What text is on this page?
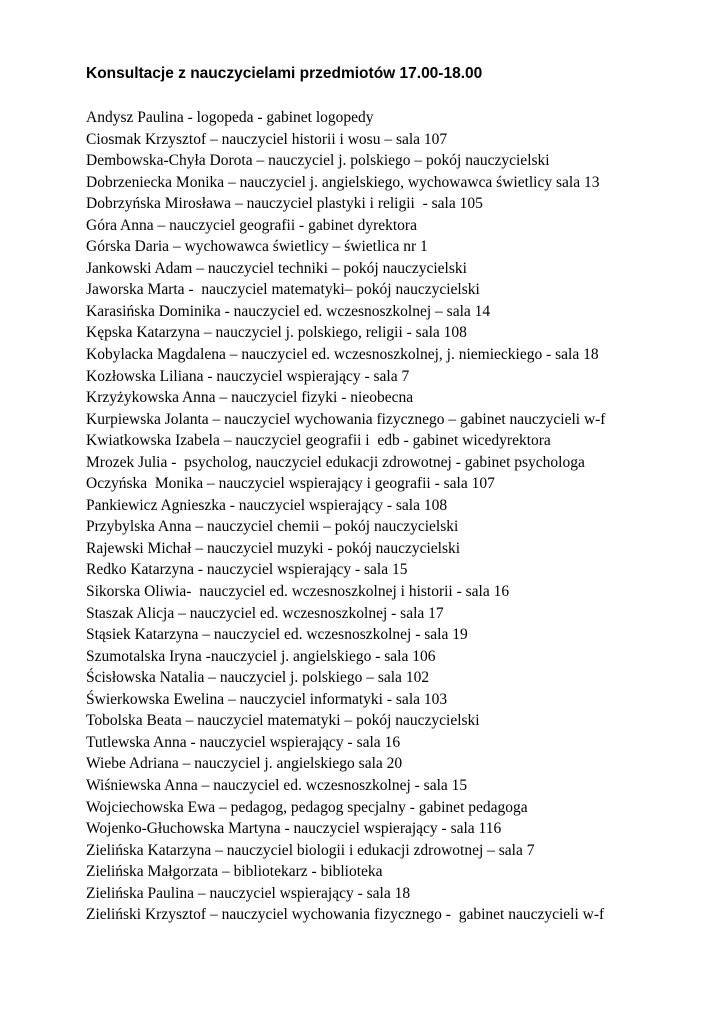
Konsultacje z nauczycielami przedmiotów 17.00-18.00
Andysz Paulina - logopeda - gabinet logopedy
Ciosmak Krzysztof – nauczyciel historii i wosu – sala 107
Dembowska-Chyła Dorota – nauczyciel j. polskiego – pokój nauczycielski
Dobrzeniecka Monika – nauczyciel j. angielskiego, wychowawca świetlicy sala 13
Dobrzyńska Mirosława – nauczyciel plastyki i religii  - sala 105
Góra Anna – nauczyciel geografii - gabinet dyrektora
Górska Daria – wychowawca świetlicy – świetlica nr 1
Jankowski Adam – nauczyciel techniki – pokój nauczycielski
Jaworska Marta -  nauczyciel matematyki– pokój nauczycielski
Karasińska Dominika - nauczyciel ed. wczesnoszkolnej – sala 14
Kępska Katarzyna – nauczyciel j. polskiego, religii - sala 108
Kobylacka Magdalena – nauczyciel ed. wczesnoszkolnej, j. niemieckiego - sala 18
Kozłowska Liliana - nauczyciel wspierający - sala 7
Krzyżykowska Anna – nauczyciel fizyki - nieobecna
Kurpiewska Jolanta – nauczyciel wychowania fizycznego – gabinet nauczycieli w-f
Kwiatkowska Izabela – nauczyciel geografii i  edb - gabinet wicedyrektora
Mrozek Julia -  psycholog, nauczyciel edukacji zdrowotnej - gabinet psychologa
Oczyńska  Monika – nauczyciel wspierający i geografii - sala 107
Pankiewicz Agnieszka - nauczyciel wspierający - sala 108
Przybylska Anna – nauczyciel chemii – pokój nauczycielski
Rajewski Michał – nauczyciel muzyki - pokój nauczycielski
Redko Katarzyna - nauczyciel wspierający - sala 15
Sikorska Oliwia-  nauczyciel ed. wczesnoszkolnej i historii - sala 16
Staszak Alicja – nauczyciel ed. wczesnoszkolnej - sala 17
Stąsiek Katarzyna – nauczyciel ed. wczesnoszkolnej - sala 19
Szumotalska Iryna -nauczyciel j. angielskiego - sala 106
Ścisłowska Natalia – nauczyciel j. polskiego – sala 102
Świerkowska Ewelina – nauczyciel informatyki - sala 103
Tobolska Beata – nauczyciel matematyki – pokój nauczycielski
Tutlewska Anna - nauczyciel wspierający - sala 16
Wiebe Adriana – nauczyciel j. angielskiego sala 20
Wiśniewska Anna – nauczyciel ed. wczesnoszkolnej - sala 15
Wojciechowska Ewa – pedagog, pedagog specjalny - gabinet pedagoga
Wojenko-Głuchowska Martyna - nauczyciel wspierający - sala 116
Zielińska Katarzyna – nauczyciel biologii i edukacji zdrowotnej – sala 7
Zielińska Małgorzata – bibliotekarz - biblioteka
Zielińska Paulina – nauczyciel wspierający - sala 18
Zieliński Krzysztof – nauczyciel wychowania fizycznego -  gabinet nauczycieli w-f
